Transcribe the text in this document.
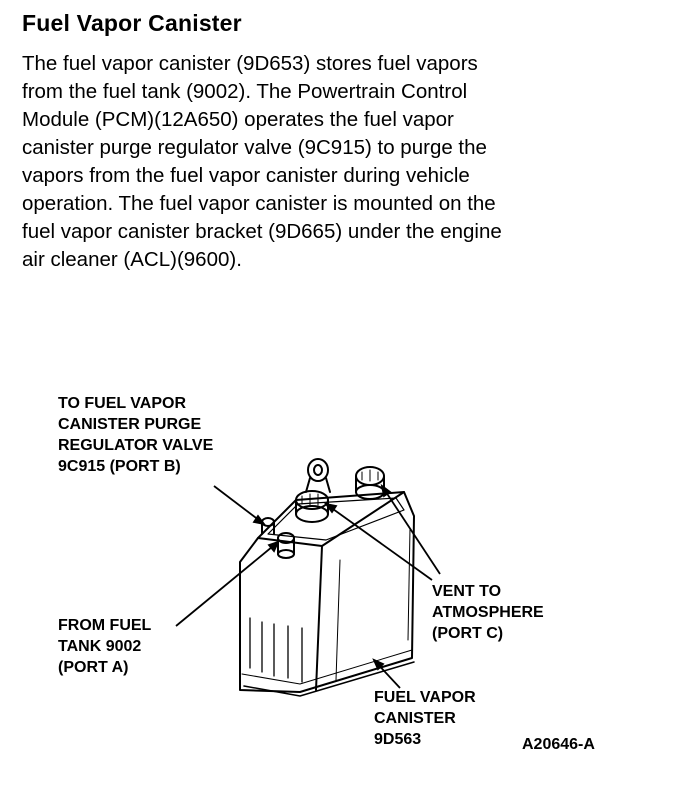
Fuel Vapor Canister
The fuel vapor canister (9D653) stores fuel vapors
from the fuel tank (9002). The Powertrain Control
Module (PCM)(12A650) operates the fuel vapor
canister purge regulator valve (9C915) to purge the
vapors from the fuel vapor canister during vehicle
operation. The fuel vapor canister is mounted on the
fuel vapor canister bracket (9D665) under the engine
air cleaner (ACL)(9600).
TO FUEL VAPOR
CANISTER PURGE
REGULATOR VALVE
9C915 (PORT B)
FROM FUEL
TANK 9002
(PORT A)
VENT TO
ATMOSPHERE
(PORT C)
FUEL VAPOR
CANISTER
9D563	A20646-A
